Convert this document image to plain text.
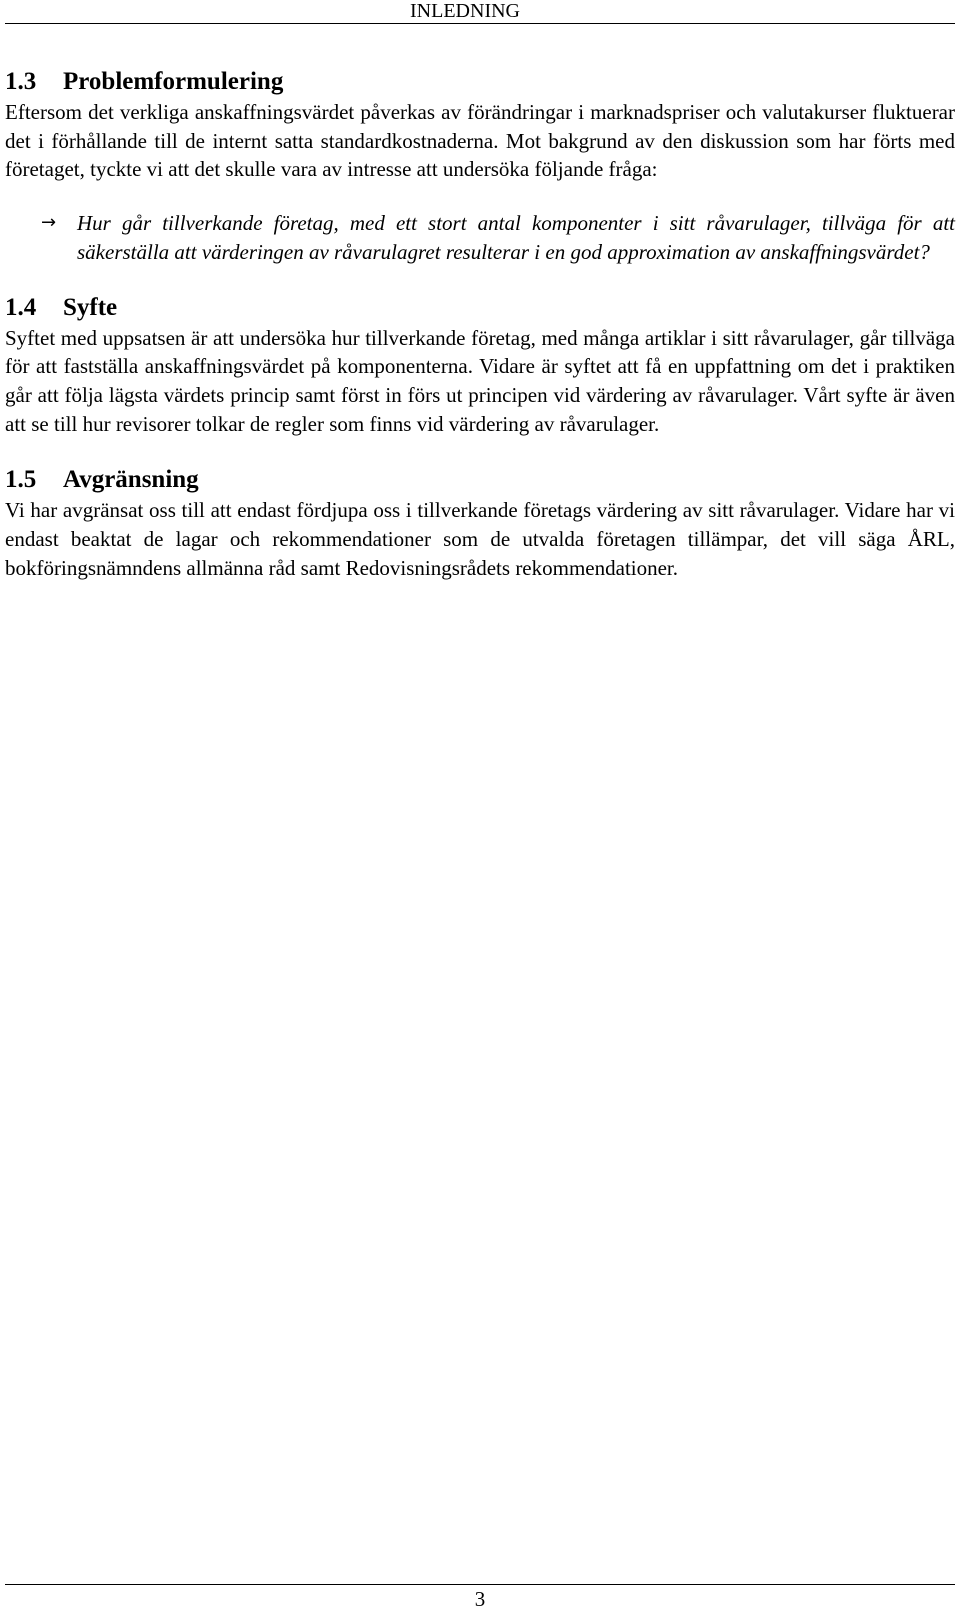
INLEDNING
1.3 Problemformulering

Eftersom det verkliga anskaffningsvärdet påverkas av förändringar i marknadspriser och valutakurser fluktuerar det i förhållande till de internt satta standardkostnaderna. Mot bakgrund av den diskussion som har förts med företaget, tyckte vi att det skulle vara av intresse att undersöka följande fråga:

→ Hur går tillverkande företag, med ett stort antal komponenter i sitt råvarulager, tillväga för att säkerställa att värderingen av råvarulagret resulterar i en god approximation av anskaffningsvärdet?
1.4 Syfte

Syftet med uppsatsen är att undersöka hur tillverkande företag, med många artiklar i sitt råvarulager, går tillväga för att fastställa anskaffningsvärdet på komponenterna. Vidare är syftet att få en uppfattning om det i praktiken går att följa lägsta värdets princip samt först in förs ut principen vid värdering av råvarulager. Vårt syfte är även att se till hur revisorer tolkar de regler som finns vid värdering av råvarulager.

1.5 Avgränsning

Vi har avgränsat oss till att endast fördjupa oss i tillverkande företags värdering av sitt råvarulager. Vidare har vi endast beaktat de lagar och rekommendationer som de utvalda företagen tillämpar, det vill säga ÅRL, bokföringsnämndens allmänna råd samt Redovisningsrådets rekommendationer.

3
